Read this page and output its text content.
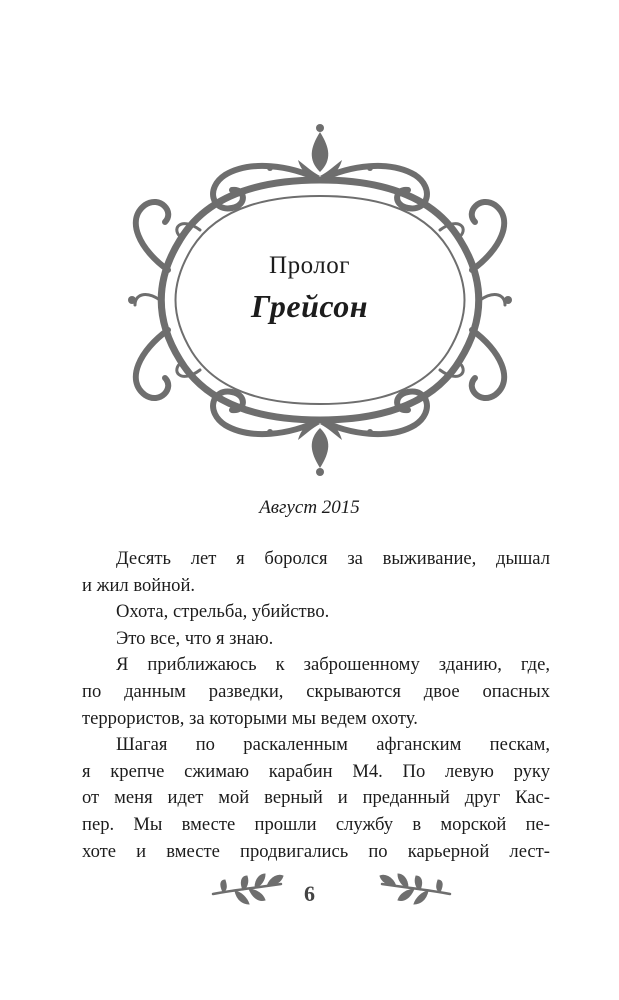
Пролог
Грейсон
Август 2015
Десять лет я боролся за выживание, дышал
и жил войной.
Охота, стрельба, убийство.
Это все, что я знаю.
Я приближаюсь к заброшенному зданию, где,
по данным разведки, скрываются двое опасных
террористов, за которыми мы ведем охоту.
Шагая по раскаленным афганским пескам,
я крепче сжимаю карабин М4. По левую руку
от меня идет мой верный и преданный друг Кас-
пер. Мы вместе прошли службу в морской пе-
хоте и вместе продвигались по карьерной лест-
6
